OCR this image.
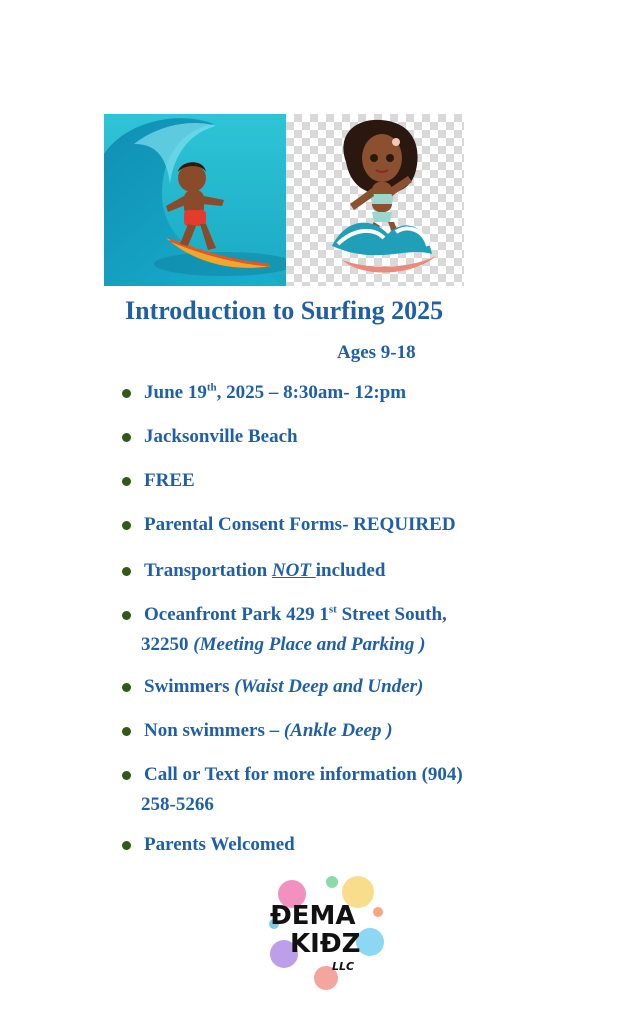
Introduction to Surfing 2025
Ages 9-18
June 19th, 2025 – 8:30am- 12:pm
Jacksonville Beach
FREE
Parental Consent Forms- REQUIRED
Transportation NOT included
Oceanfront Park 429 1st Street South,
32250 (Meeting Place and Parking )
Swimmers (Waist Deep and Under)
Non swimmers – (Ankle Deep )
Call or Text for more information (904)
258-5266
Parents Welcomed
ĐEMA
KIĐZ
LLC
